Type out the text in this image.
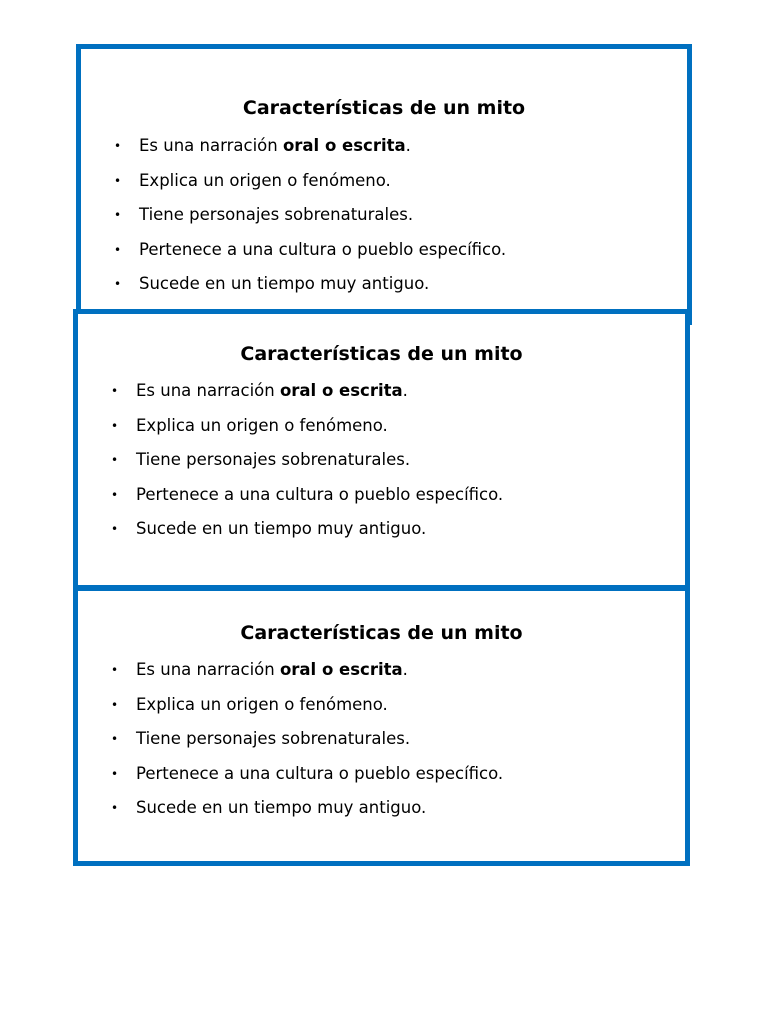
Características de un mito
• Es una narración oral o escrita.
• Explica un origen o fenómeno.
• Tiene personajes sobrenaturales.
• Pertenece a una cultura o pueblo específico.
• Sucede en un tiempo muy antiguo.
Características de un mito
• Es una narración oral o escrita.
• Explica un origen o fenómeno.
• Tiene personajes sobrenaturales.
• Pertenece a una cultura o pueblo específico.
• Sucede en un tiempo muy antiguo.
Características de un mito
• Es una narración oral o escrita.
• Explica un origen o fenómeno.
• Tiene personajes sobrenaturales.
• Pertenece a una cultura o pueblo específico.
• Sucede en un tiempo muy antiguo.
